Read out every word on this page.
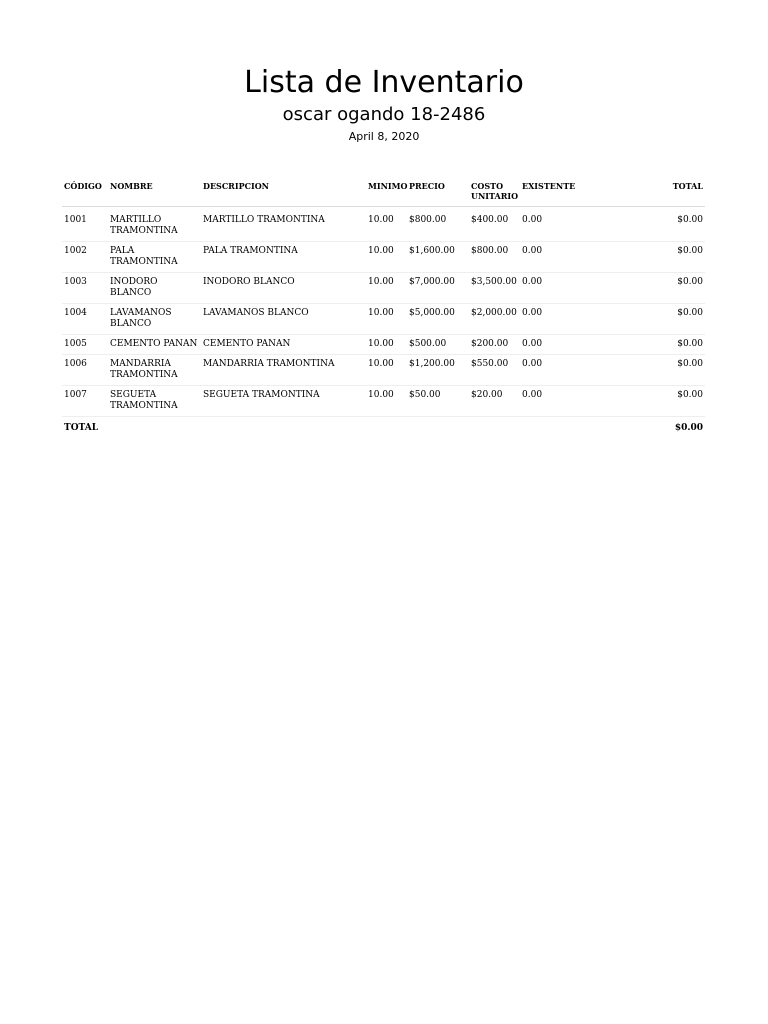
Lista de Inventario
oscar ogando 18-2486
April 8, 2020
CÓDIGO	NOMBRE	DESCRIPCION	MINIMO	PRECIO	COSTO UNITARIO	EXISTENTE	TOTAL

1001	MARTILLO TRAMONTINA	MARTILLO TRAMONTINA	10.00	$800.00	$400.00	0.00	$0.00
1002	PALA TRAMONTINA	PALA TRAMONTINA	10.00	$1,600.00	$800.00	0.00	$0.00
1003	INODORO BLANCO	INODORO BLANCO	10.00	$7,000.00	$3,500.00	0.00	$0.00
1004	LAVAMANOS BLANCO	LAVAMANOS BLANCO	10.00	$5,000.00	$2,000.00	0.00	$0.00
1005	CEMENTO PANAN	CEMENTO PANAN	10.00	$500.00	$200.00	0.00	$0.00
1006	MANDARRIA TRAMONTINA	MANDARRIA TRAMONTINA	10.00	$1,200.00	$550.00	0.00	$0.00
1007	SEGUETA TRAMONTINA	SEGUETA TRAMONTINA	10.00	$50.00	$20.00	0.00	$0.00
TOTAL							$0.00
